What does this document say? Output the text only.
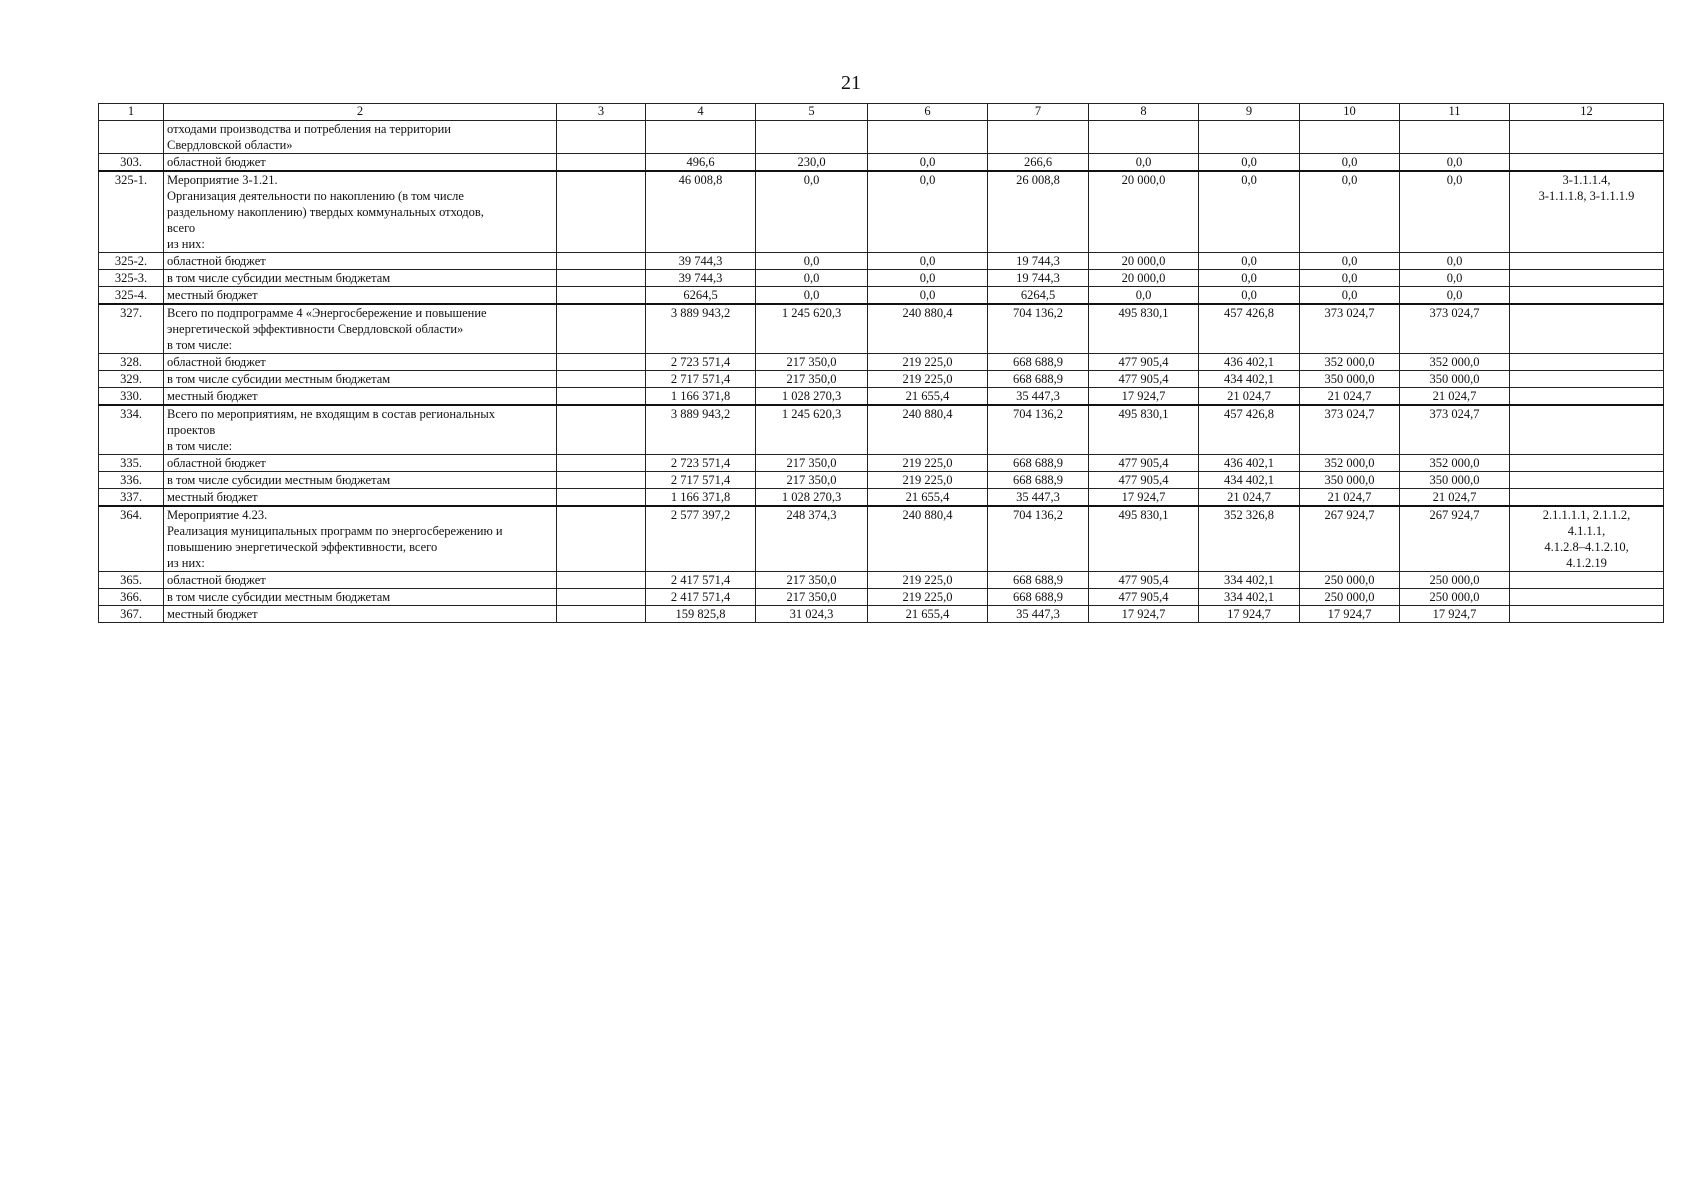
21
1	2	3	4	5	6	7	8	9	10	11	12
	отходами производства и потребления на территории
Свердловской области»										
303.	областной бюджет		496,6	230,0	0,0	266,6	0,0	0,0	0,0	0,0	
325-1.	Мероприятие 3-1.21.
Организация деятельности по накоплению (в том числе
раздельному накоплению) твердых коммунальных отходов,
всего
из них:		46 008,8	0,0	0,0	26 008,8	20 000,0	0,0	0,0	0,0	3-1.1.1.4,
3-1.1.1.8, 3-1.1.1.9
325-2.	областной бюджет		39 744,3	0,0	0,0	19 744,3	20 000,0	0,0	0,0	0,0	
325-3.	в том числе субсидии местным бюджетам		39 744,3	0,0	0,0	19 744,3	20 000,0	0,0	0,0	0,0	
325-4.	местный бюджет		6264,5	0,0	0,0	6264,5	0,0	0,0	0,0	0,0	
327.	Всего по подпрограмме 4 «Энергосбережение и повышение
энергетической эффективности Свердловской области»
в том числе:		3 889 943,2	1 245 620,3	240 880,4	704 136,2	495 830,1	457 426,8	373 024,7	373 024,7	
328.	областной бюджет		2 723 571,4	217 350,0	219 225,0	668 688,9	477 905,4	436 402,1	352 000,0	352 000,0	
329.	в том числе субсидии местным бюджетам		2 717 571,4	217 350,0	219 225,0	668 688,9	477 905,4	434 402,1	350 000,0	350 000,0	
330.	местный бюджет		1 166 371,8	1 028 270,3	21 655,4	35 447,3	17 924,7	21 024,7	21 024,7	21 024,7	
334.	Всего по мероприятиям, не входящим в состав региональных
проектов
в том числе:		3 889 943,2	1 245 620,3	240 880,4	704 136,2	495 830,1	457 426,8	373 024,7	373 024,7	
335.	областной бюджет		2 723 571,4	217 350,0	219 225,0	668 688,9	477 905,4	436 402,1	352 000,0	352 000,0	
336.	в том числе субсидии местным бюджетам		2 717 571,4	217 350,0	219 225,0	668 688,9	477 905,4	434 402,1	350 000,0	350 000,0	
337.	местный бюджет		1 166 371,8	1 028 270,3	21 655,4	35 447,3	17 924,7	21 024,7	21 024,7	21 024,7	
364.	Мероприятие 4.23.
Реализация муниципальных программ по энергосбережению и
повышению энергетической эффективности, всего
из них:		2 577 397,2	248 374,3	240 880,4	704 136,2	495 830,1	352 326,8	267 924,7	267 924,7	2.1.1.1.1, 2.1.1.2,
4.1.1.1,
4.1.2.8–4.1.2.10,
4.1.2.19
365.	областной бюджет		2 417 571,4	217 350,0	219 225,0	668 688,9	477 905,4	334 402,1	250 000,0	250 000,0	
366.	в том числе субсидии местным бюджетам		2 417 571,4	217 350,0	219 225,0	668 688,9	477 905,4	334 402,1	250 000,0	250 000,0	
367.	местный бюджет		159 825,8	31 024,3	21 655,4	35 447,3	17 924,7	17 924,7	17 924,7	17 924,7	
